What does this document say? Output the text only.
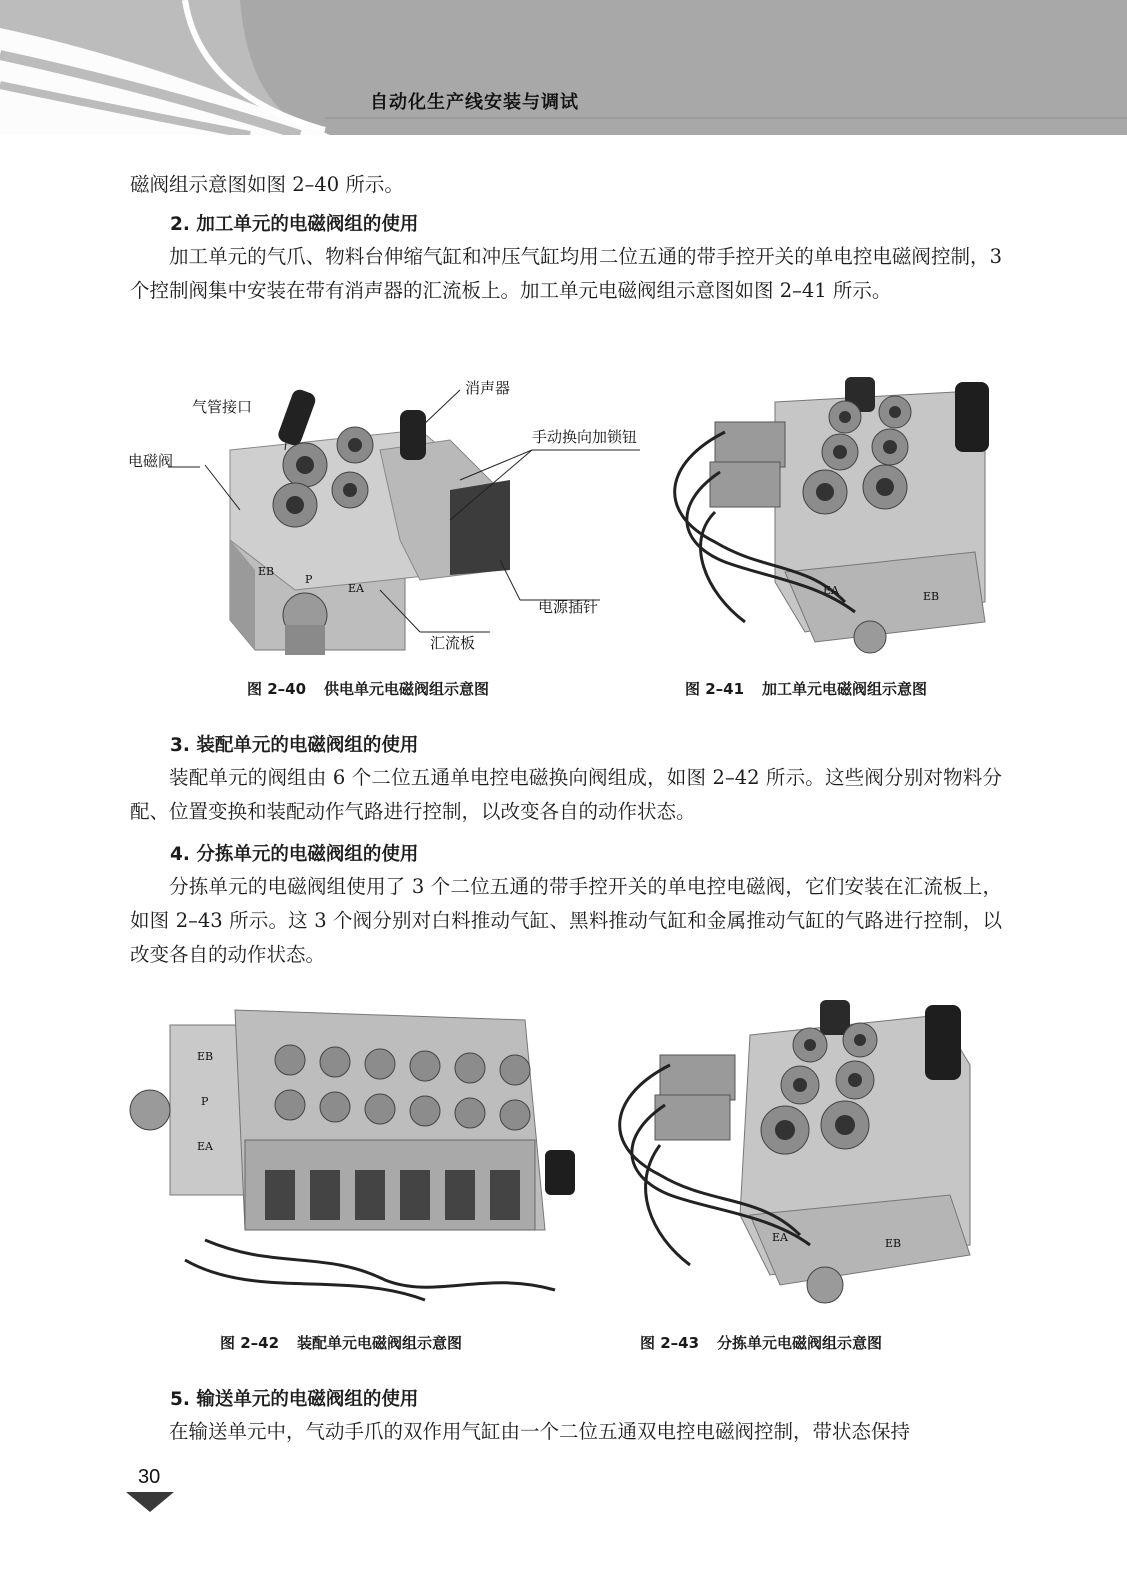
自动化生产线安装与调试

磁阀组示意图如图 2–40 所示。

2. 加工单元的电磁阀组的使用

加工单元的气爪、物料台伸缩气缸和冲压气缸均用二位五通的带手控开关的单电控电磁阀控制，3 个控制阀集中安装在带有消声器的汇流板上。加工单元电磁阀组示意图如图 2–41 所示。

消声器
气管接口
手动换向加锁钮
电磁阀
电源插针
汇流板
EB
P
EA
图 2–40 供电单元电磁阀组示意图
EA	EB
图 2–41 加工单元电磁阀组示意图

3. 装配单元的电磁阀组的使用

装配单元的阀组由 6 个二位五通单电控电磁换向阀组成，如图 2–42 所示。这些阀分别对物料分配、位置变换和装配动作气路进行控制，以改变各自的动作状态。

4. 分拣单元的电磁阀组的使用

分拣单元的电磁阀组使用了 3 个二位五通的带手控开关的单电控电磁阀，它们安装在汇流板上，如图 2–43 所示。这 3 个阀分别对白料推动气缸、黑料推动气缸和金属推动气缸的气路进行控制，以改变各自的动作状态。

EB
P
EA
图 2–42 装配单元电磁阀组示意图
EA	EB
图 2–43 分拣单元电磁阀组示意图

5. 输送单元的电磁阀组的使用

在输送单元中，气动手爪的双作用气缸由一个二位五通双电控电磁阀控制，带状态保持

30
